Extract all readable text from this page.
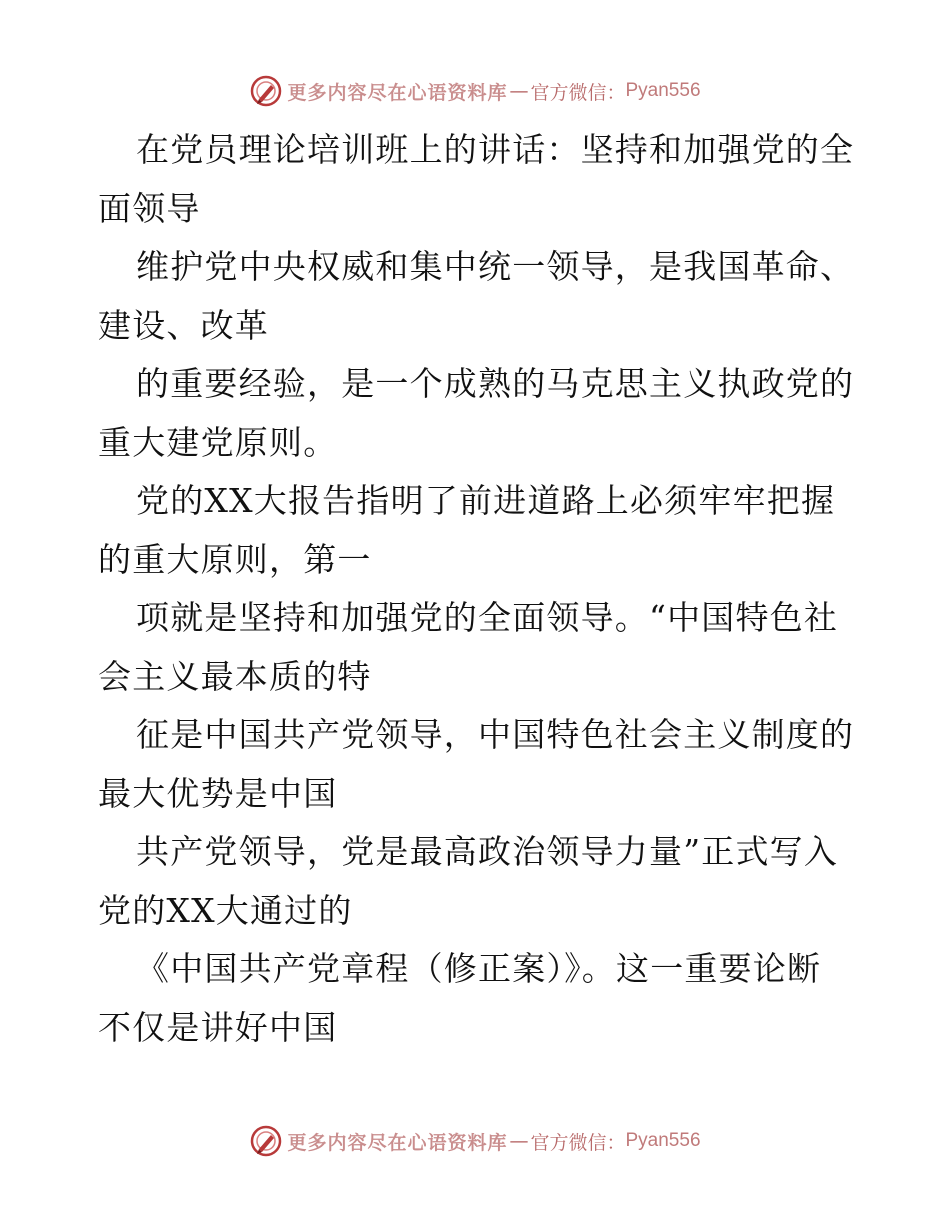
更多内容尽在心语资料库 — 官方微信： Pyan556
在党员理论培训班上的讲话：坚持和加强党的全
面领导
维护党中央权威和集中统一领导，是我国革命、
建设、改革
的重要经验，是一个成熟的马克思主义执政党的
重大建党原则。
党的XX大报告指明了前进道路上必须牢牢把握
的重大原则，第一
项就是坚持和加强党的全面领导。“中国特色社
会主义最本质的特
征是中国共产党领导，中国特色社会主义制度的
最大优势是中国
共产党领导，党是最高政治领导力量”正式写入
党的XX大通过的
《中国共产党章程（修正案）》。这一重要论断
不仅是讲好中国
更多内容尽在心语资料库 — 官方微信： Pyan556
